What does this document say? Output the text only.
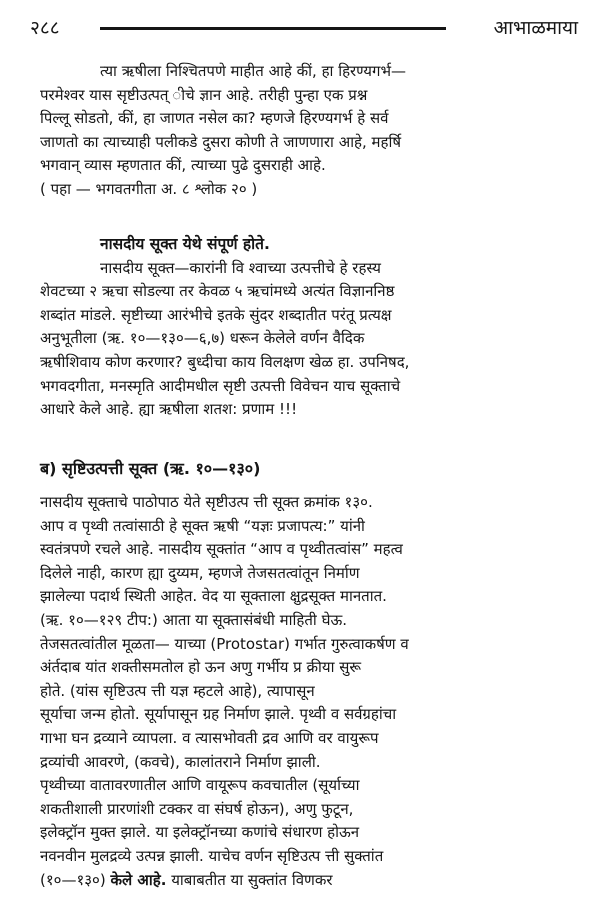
२८८	आभाळमाया
त्या ऋषीला निश्चितपणे माहीत आहे कीं, हा हिरण्यगर्भ—
परमेश्वर यास सृष्टीउत्पत्‌ ीचे ज्ञान आहे. तरीही पुन्हा एक प्रश्न
पिल्लू सोडतो, कीं, हा जाणत नसेल का? म्हणजे हिरण्यगर्भ हे सर्व
जाणतो का त्याच्याही पलीकडे दुसरा कोणी ते जाणणारा आहे, महर्षि
भगवान्‌ व्यास म्हणतात कीं, त्याच्या पुढे दुसराही आहे.
( पहा — भगवतगीता अ. ८ श्लोक २० )
नासदीय सूक्त येथे संपूर्ण होते.
नासदीय सूक्त—कारांनी वि श्वाच्या उत्पत्तीचे हे रहस्य
शेवटच्या २ ऋचा सोडल्या तर केवळ ५ ऋचांमध्ये अत्यंत विज्ञाननिष्ठ
शब्दांत मांडले. सृष्टीच्या आरंभीचे इतके सुंदर शब्दातीत परंतू प्रत्यक्ष
अनुभूतीला (ऋ. १०—१३०—६,७) धरून केलेले वर्णन वैदिक
ऋषीशिवाय कोण करणार? बुध्दीचा काय विलक्षण खेळ हा. उपनिषद,
भगवदगीता, मनस्मृति आदीमधील सृष्टी उत्पत्ती विवेचन याच सूक्ताचे
आधारे केले आहे. ह्या ऋषीला शतश: प्रणाम !!!
ब) सृष्टिउत्पत्ती सूक्त (ऋ. १०—१३०)
नासदीय सूक्ताचे पाठोपाठ येते सृष्टीउत्प त्ती सूक्त क्रमांक १३०.
आप व पृथ्वी तत्वांसाठी हे सूक्त ऋषी “यज्ञः प्रजापत्य:” यांनी
स्वतंत्रपणे रचले आहे. नासदीय सूक्तांत “आप व पृथ्वीतत्वांस” महत्व
दिलेले नाही, कारण ह्या दुय्यम, म्हणजे तेजसतत्वांतून निर्माण
झालेल्या पदार्थ स्थिती आहेत. वेद या सूक्ताला क्षुद्रसूक्त मानतात.
(ऋ. १०—१२९ टीप:) आता या सूक्तासंबंधी माहिती घेऊ.
तेजसतत्वांतील मूळता— याच्या (Protostar) गर्भात गुरुत्वाकर्षण व
अंर्तदाब यांत शक्तीसमतोल हो ऊन अणु गर्भीय प्र क्रीया सुरू
होते. (यांस सृष्टिउत्प त्ती यज्ञ म्हटले आहे), त्यापासून
सूर्याचा जन्म होतो. सूर्यापासून ग्रह निर्माण झाले. पृथ्वी व सर्वग्रहांचा
गाभा घन द्रव्याने व्यापला. व त्यासभोवती द्रव आणि वर वायुरूप
द्रव्यांची आवरणे, (कवचे), कालांतराने निर्माण झाली.
पृथ्वीच्या वातावरणातील आणि वायूरूप कवचातील (सूर्याच्या
शकतीशाली प्रारणांशी टक्कर वा संघर्ष होऊन), अणु फुटून,
इलेक्ट्रॉन मुक्त झाले. या इलेक्ट्रॉनच्या कणांचे संधारण होऊन
नवनवीन मुलद्रव्ये उत्पन्न झाली. याचेच वर्णन सृष्टिउत्प त्ती सुक्तांत
(१०—१३०) केले आहे. याबाबतीत या सुक्तांत विणकर
